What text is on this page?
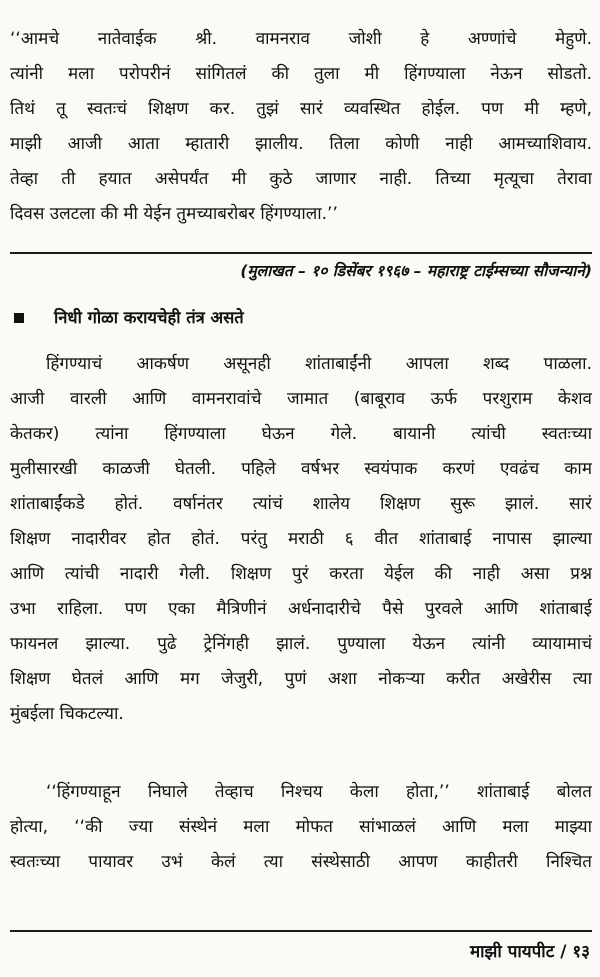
‘‘आमचे नातेवाईक श्री. वामनराव जोशी हे अण्णांचे मेहुणे.
त्यांनी मला परोपरीनं सांगितलं की तुला मी हिंगण्याला नेऊन सोडतो.
तिथं तू स्वतःचं शिक्षण कर. तुझं सारं व्यवस्थित होईल. पण मी म्हणे,
माझी आजी आता म्हातारी झालीय. तिला कोणी नाही आमच्याशिवाय.
तेव्हा ती हयात असेपर्यंत मी कुठे जाणार नाही. तिच्या मृत्यूचा तेरावा
दिवस उलटला की मी येईन तुमच्याबरोबर हिंगण्याला.’’
(मुलाखत – १० डिसेंबर १९६७ – महाराष्ट्र टाईम्सच्या सौजन्याने)
निधी गोळा करायचेही तंत्र असते
हिंगण्याचं आकर्षण असूनही शांताबाईंनी आपला शब्द पाळला.
आजी वारली आणि वामनरावांचे जामात (बाबूराव ऊर्फ परशुराम केशव
केतकर) त्यांना हिंगण्याला घेऊन गेले. बायानी त्यांची स्वतःच्या
मुलीसारखी काळजी घेतली. पहिले वर्षभर स्वयंपाक करणं एवढंच काम
शांताबाईंकडे होतं. वर्षानंतर त्यांचं शालेय शिक्षण सुरू झालं. सारं
शिक्षण नादारीवर होत होतं. परंतु मराठी ६ वीत शांताबाई नापास झाल्या
आणि त्यांची नादारी गेली. शिक्षण पुरं करता येईल की नाही असा प्रश्न
उभा राहिला. पण एका मैत्रिणीनं अर्धनादारीचे पैसे पुरवले आणि शांताबाई
फायनल झाल्या. पुढे ट्रेनिंगही झालं. पुण्याला येऊन त्यांनी व्यायामाचं
शिक्षण घेतलं आणि मग जेजुरी, पुणं अशा नोकऱ्या करीत अखेरीस त्या
मुंबईला चिकटल्या.
‘‘हिंगण्याहून निघाले तेव्हाच निश्चय केला होता,’’ शांताबाई बोलत
होत्या, ‘‘की ज्या संस्थेनं मला मोफत सांभाळलं आणि मला माझ्या
स्वतःच्या पायावर उभं केलं त्या संस्थेसाठी आपण काहीतरी निश्चित
माझी पायपीट / १३
